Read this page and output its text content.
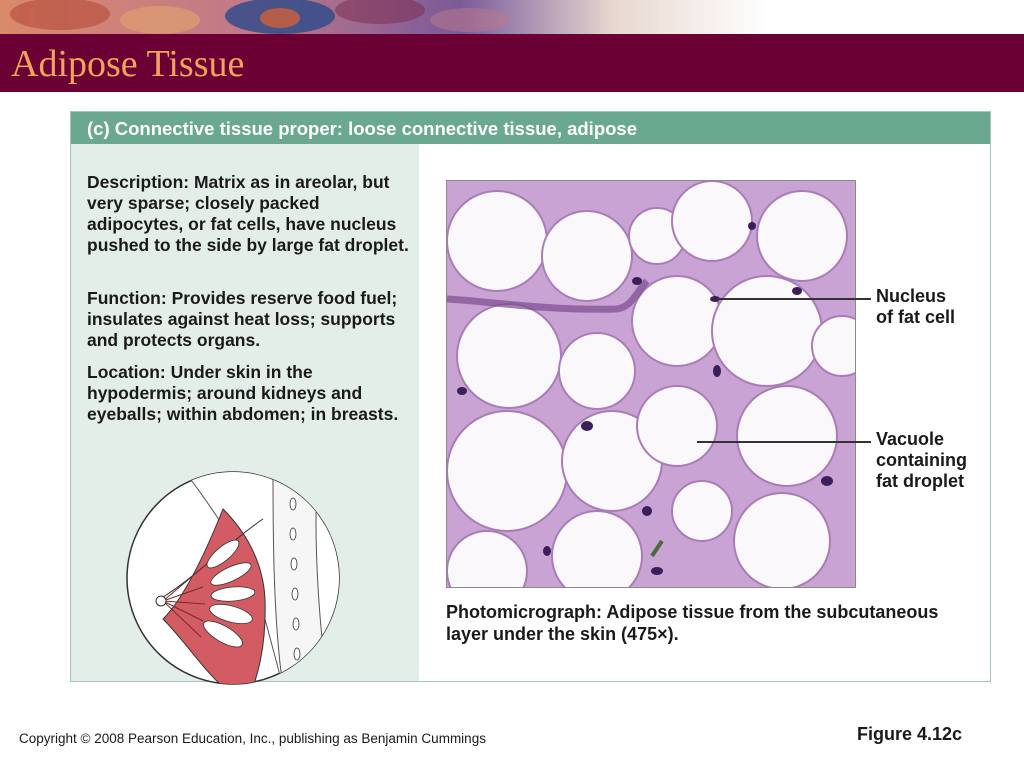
Adipose Tissue
(c) Connective tissue proper: loose connective tissue, adipose

Description: Matrix as in areolar, but very sparse; closely packed adipocytes, or fat cells, have nucleus pushed to the side by large fat droplet.

Function: Provides reserve food fuel; insulates against heat loss; supports and protects organs.

Location: Under skin in the hypodermis; around kidneys and eyeballs; within abdomen; in breasts.

Nucleus
of fat cell
Vacuole
containing
fat droplet

Photomicrograph: Adipose tissue from the subcutaneous layer under the skin (475×).

Copyright © 2008 Pearson Education, Inc., publishing as Benjamin Cummings	Figure 4.12c
